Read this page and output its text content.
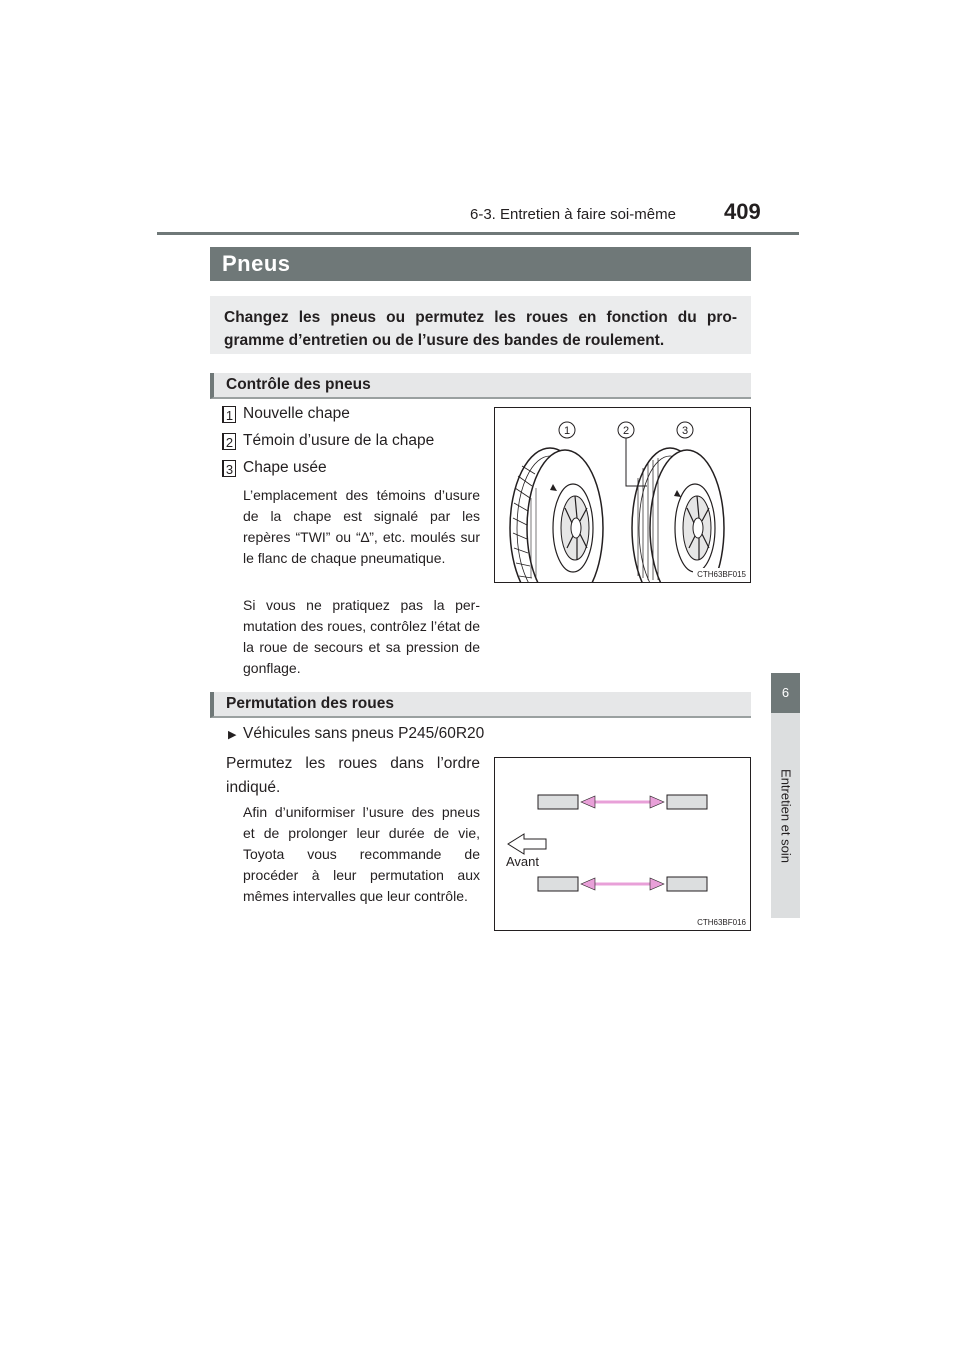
6-3. Entretien à faire soi-même 409
6
Entretien et soin
Pneus
Changez les pneus ou permutez les roues en fonction du pro-gramme d’entretien ou de l’usure des bandes de roulement.
Contrôle des pneus
1 Nouvelle chape
2 Témoin d’usure de la chape
3 Chape usée
L’emplacement des témoins d’usure de la chape est signalé par les repères “TWI” ou “∆”, etc. moulés sur le flanc de chaque pneumatique.
Si vous ne pratiquez pas la per-mutation des roues, contrôlez l’état de la roue de secours et sa pression de gonflage.
1	2	3
CTH63BF015
Permutation des roues
▶ Véhicules sans pneus P245/60R20
Permutez les roues dans l’ordre indiqué.
Afin d’uniformiser l’usure des pneus et de prolonger leur durée de vie, Toyota vous recommande de procéder à leur permutation aux mêmes intervalles que leur contrôle.
Avant
CTH63BF016
